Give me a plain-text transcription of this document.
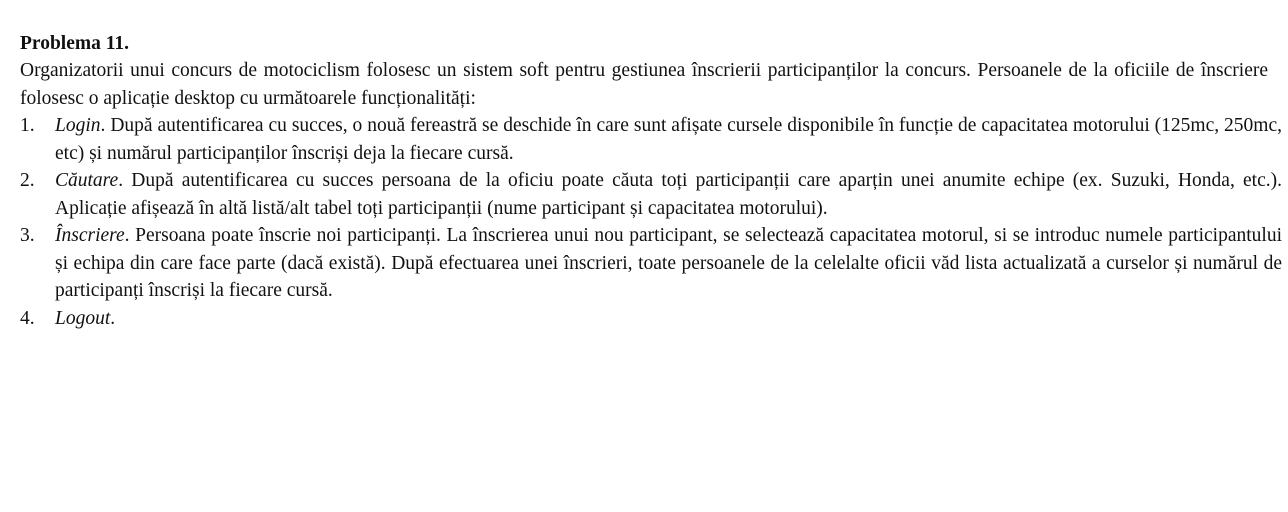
Problema 11.

Organizatorii unui concurs de motociclism folosesc un sistem soft pentru gestiunea înscrierii participanților la concurs. Persoanele de la oficiile de înscriere folosesc o aplicație desktop cu următoarele funcționalități:

1. Login. După autentificarea cu succes, o nouă fereastră se deschide în care sunt afișate cursele disponibile în funcție de capacitatea motorului (125mc, 250mc, etc) și numărul participanților înscriși deja la fiecare cursă.
2. Căutare. După autentificarea cu succes persoana de la oficiu poate căuta toți participanții care aparțin unei anumite echipe (ex. Suzuki, Honda, etc.). Aplicație afișează în altă listă/alt tabel toți participanții (nume participant și capacitatea motorului).
3. Înscriere. Persoana poate înscrie noi participanți. La înscrierea unui nou participant, se selectează capacitatea motorul, si se introduc numele participantului și echipa din care face parte (dacă există). După efectuarea unei înscrieri, toate persoanele de la celelalte oficii văd lista actualizată a curselor și numărul de participanți înscriși la fiecare cursă.
4. Logout.
